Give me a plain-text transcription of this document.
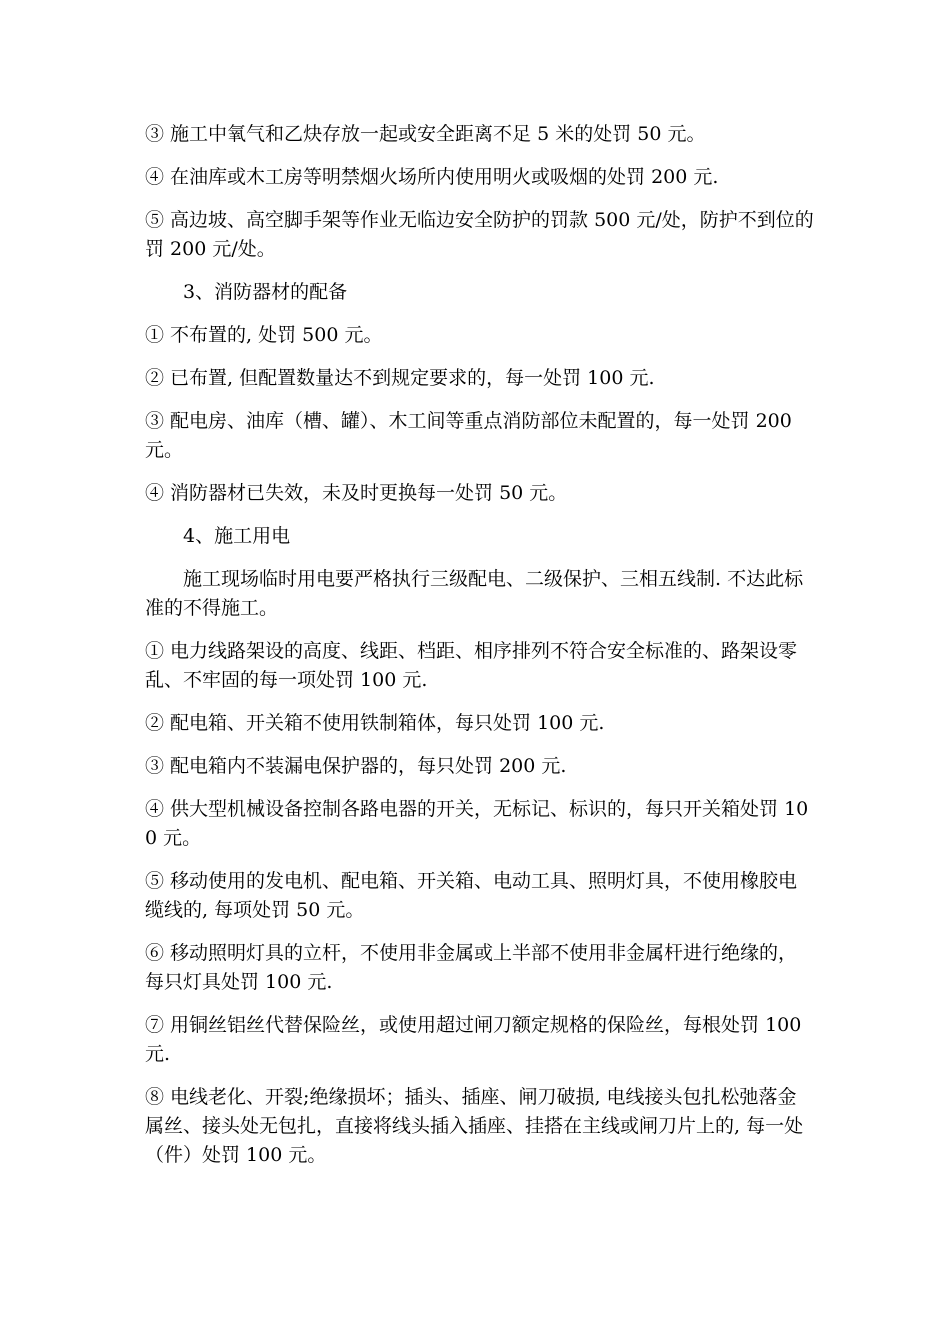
③ 施工中氧气和乙炔存放一起或安全距离不足 5 米的处罚 50 元。

④ 在油库或木工房等明禁烟火场所内使用明火或吸烟的处罚 200 元.

⑤ 高边坡、高空脚手架等作业无临边安全防护的罚款 500 元/处，防护不到位的罚 200 元/处。

3、消防器材的配备

① 不布置的, 处罚 500 元。

② 已布置, 但配置数量达不到规定要求的，每一处罚 100 元.

③ 配电房、油库（槽、罐）、木工间等重点消防部位未配置的，每一处罚 200 元。

④ 消防器材已失效，未及时更换每一处罚 50 元。

4、施工用电

施工现场临时用电要严格执行三级配电、二级保护、三相五线制. 不达此标准的不得施工。

① 电力线路架设的高度、线距、档距、相序排列不符合安全标准的、路架设零乱、不牢固的每一项处罚 100 元.

② 配电箱、开关箱不使用铁制箱体，每只处罚 100 元.

③ 配电箱内不装漏电保护器的，每只处罚 200 元.

④ 供大型机械设备控制各路电器的开关，无标记、标识的，每只开关箱处罚 100 元。

⑤ 移动使用的发电机、配电箱、开关箱、电动工具、照明灯具，不使用橡胶电缆线的, 每项处罚 50 元。

⑥ 移动照明灯具的立杆，不使用非金属或上半部不使用非金属杆进行绝缘的，每只灯具处罚 100 元.

⑦ 用铜丝铝丝代替保险丝，或使用超过闸刀额定规格的保险丝，每根处罚 100 元.

⑧ 电线老化、开裂;绝缘损坏；插头、插座、闸刀破损, 电线接头包扎松弛落金属丝、接头处无包扎，直接将线头插入插座、挂搭在主线或闸刀片上的, 每一处（件）处罚 100 元。
